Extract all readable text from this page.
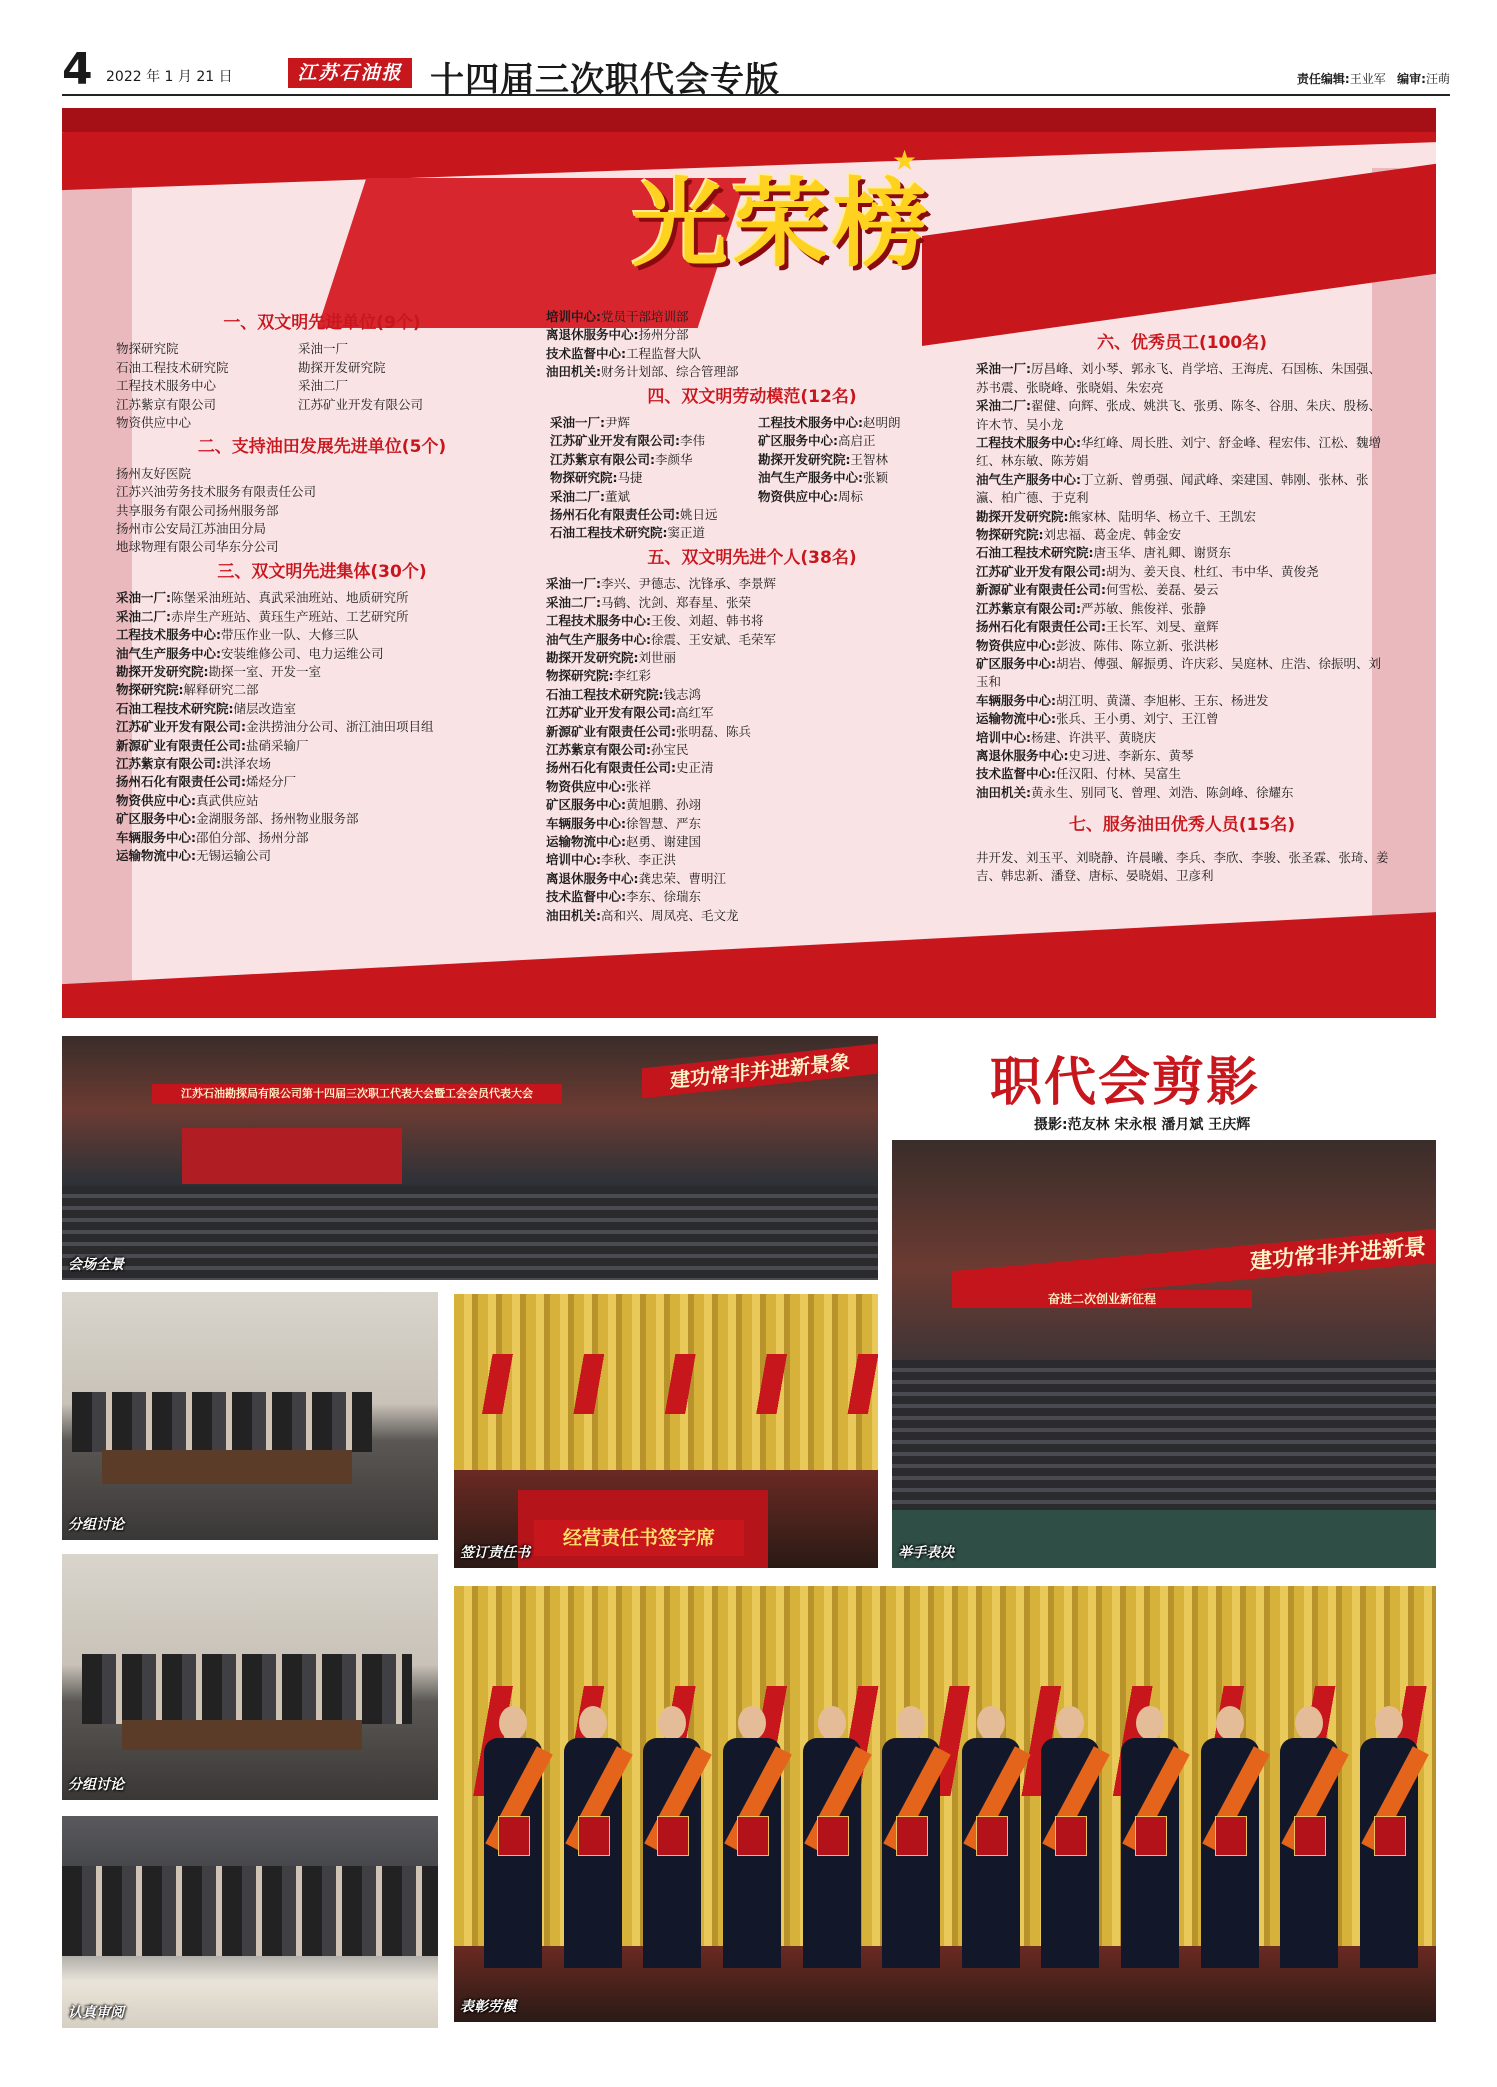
4 2022 年 1 月 21 日	江苏石油报 十四届三次职代会专版	责任编辑:王业军 编审:汪萌
光荣榜
★
一、双文明先进单位(9个)
物探研究院	采油一厂
石油工程技术研究院	勘探开发研究院
工程技术服务中心	采油二厂
江苏紫京有限公司	江苏矿业开发有限公司
物资供应中心
二、支持油田发展先进单位(5个)
扬州友好医院
江苏兴油劳务技术服务有限责任公司
共享服务有限公司扬州服务部
扬州市公安局江苏油田分局
地球物理有限公司华东分公司
三、双文明先进集体(30个)
采油一厂:陈堡采油班站、真武采油班站、地质研究所
采油二厂:赤岸生产班站、黄珏生产班站、工艺研究所
工程技术服务中心:带压作业一队、大修三队
油气生产服务中心:安装维修公司、电力运维公司
勘探开发研究院:勘探一室、开发一室
物探研究院:解释研究二部
石油工程技术研究院:储层改造室
江苏矿业开发有限公司:金洪捞油分公司、浙江油田项目组
新源矿业有限责任公司:盐硝采输厂
江苏紫京有限公司:洪泽农场
扬州石化有限责任公司:烯烃分厂
物资供应中心:真武供应站
矿区服务中心:金湖服务部、扬州物业服务部
车辆服务中心:邵伯分部、扬州分部
运输物流中心:无锡运输公司
培训中心:党员干部培训部
离退休服务中心:扬州分部
技术监督中心:工程监督大队
油田机关:财务计划部、综合管理部
四、双文明劳动模范(12名)
采油一厂:尹辉	工程技术服务中心:赵明朗
江苏矿业开发有限公司:李伟	矿区服务中心:高启正
江苏紫京有限公司:李颜华	勘探开发研究院:王智林
物探研究院:马捷	油气生产服务中心:张颖
采油二厂:董斌	物资供应中心:周标
扬州石化有限责任公司:姚日远
石油工程技术研究院:窦正道
五、双文明先进个人(38名)
采油一厂:李兴、尹德志、沈锋承、李景辉
采油二厂:马鹤、沈剑、郑春星、张荣
工程技术服务中心:王俊、刘超、韩书将
油气生产服务中心:徐震、王安斌、毛荣军
勘探开发研究院:刘世丽
物探研究院:李红彩
石油工程技术研究院:钱志鸿
江苏矿业开发有限公司:高红军
新源矿业有限责任公司:张明磊、陈兵
江苏紫京有限公司:孙宝民
扬州石化有限责任公司:史正清
物资供应中心:张祥
矿区服务中心:黄旭鹏、孙翊
车辆服务中心:徐智慧、严东
运输物流中心:赵勇、谢建国
培训中心:李秋、李正洪
离退休服务中心:龚忠荣、曹明江
技术监督中心:李东、徐瑞东
油田机关:高和兴、周凤亮、毛文龙
六、优秀员工(100名)
采油一厂:厉昌峰、刘小琴、郭永飞、肖学培、王海虎、石国栋、朱国强、苏书震、张晓峰、张晓娟、朱宏亮
采油二厂:翟健、向辉、张成、姚洪飞、张勇、陈冬、谷朋、朱庆、殷杨、许木节、吴小龙
工程技术服务中心:华红峰、周长胜、刘宁、舒金峰、程宏伟、江松、魏增红、林东敏、陈芳娟
油气生产服务中心:丁立新、曾勇强、闻武峰、栾建国、韩刚、张林、张瀛、柏广德、于克利
勘探开发研究院:熊家林、陆明华、杨立千、王凯宏
物探研究院:刘忠福、葛金虎、韩金安
石油工程技术研究院:唐玉华、唐礼卿、谢贤东
江苏矿业开发有限公司:胡为、姜天良、杜红、韦中华、黄俊尧
新源矿业有限责任公司:何雪松、姜磊、晏云
江苏紫京有限公司:严苏敏、熊俊祥、张静
扬州石化有限责任公司:王长军、刘旻、童辉
物资供应中心:彭波、陈伟、陈立新、张洪彬
矿区服务中心:胡岩、傅强、解振勇、许庆彩、吴庭林、庄浩、徐振明、刘玉和
车辆服务中心:胡江明、黄潇、李旭彬、王东、杨进发
运输物流中心:张兵、王小勇、刘宁、王江曾
培训中心:杨建、许洪平、黄晓庆
离退休服务中心:史习进、李新东、黄琴
技术监督中心:任汉阳、付林、吴富生
油田机关:黄永生、别同飞、曾理、刘浩、陈剑峰、徐耀东
七、服务油田优秀人员(15名)
井开发、刘玉平、刘晓静、许晨曦、李兵、李欣、李骏、张圣霖、张琦、姜吉、韩忠新、潘登、唐标、晏晓娟、卫彦利
职代会剪影
摄影:范友林 宋永根 潘月斌 王庆辉
江苏石油勘探局有限公司第十四届三次职工代表大会暨工会会员代表大会
建功常非并进新景象
会场全景
分组讨论
经营责任书签字席
签订责任书
建功常非并进新景
奋进二次创业新征程
举手表决
分组讨论
表彰劳模
认真审阅
